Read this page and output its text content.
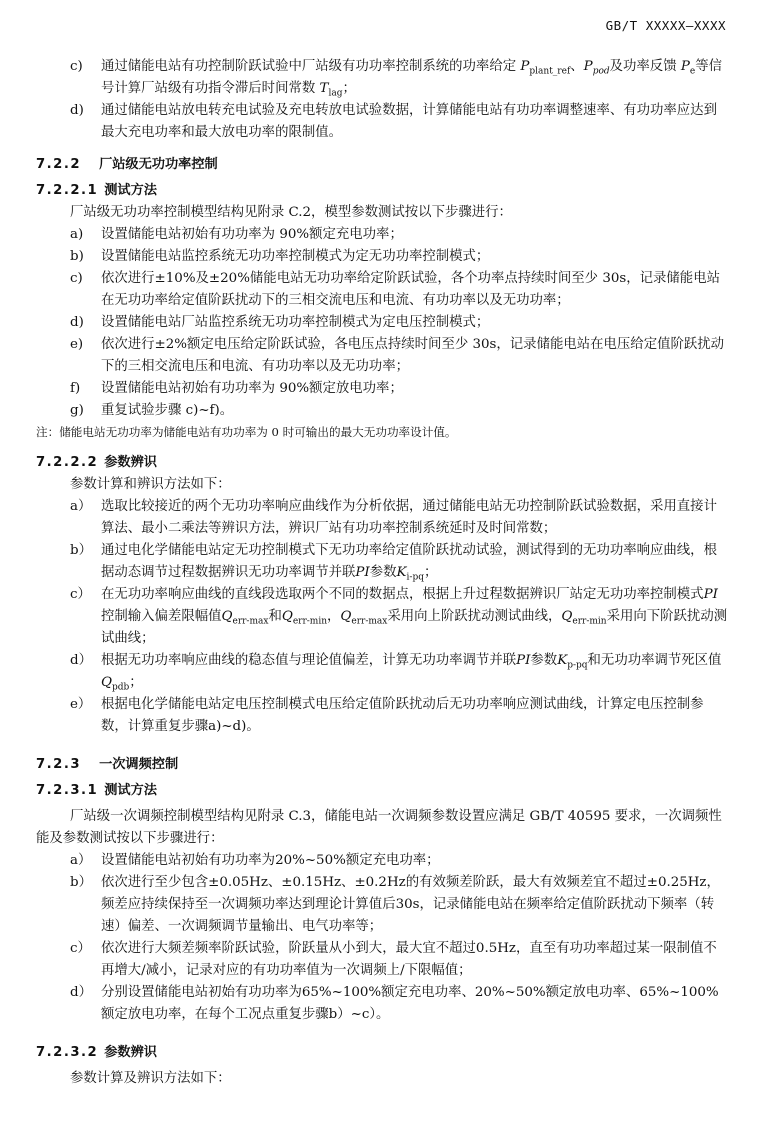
GB/T XXXXX—XXXX
c) 通过储能电站有功控制阶跃试验中厂站级有功功率控制系统的功率给定 $P_{plant\_ref}$、$P_{pod}$及功率反馈 $P_e$等信号计算厂站级有功指令滞后时间常数 $T_{lag}$；
d) 通过储能电站放电转充电试验及充电转放电试验数据，计算储能电站有功功率调整速率、有功功率应达到最大充电功率和最大放电功率的限制值。
7.2.2 厂站级无功功率控制
7.2.2.1 测试方法
厂站级无功功率控制模型结构见附录 C.2，模型参数测试按以下步骤进行：
a) 设置储能电站初始有功功率为 90%额定充电功率；
b) 设置储能电站监控系统无功功率控制模式为定无功功率控制模式；
c) 依次进行±10%及±20%储能电站无功功率给定阶跃试验，各个功率点持续时间至少 30s，记录储能电站在无功功率给定值阶跃扰动下的三相交流电压和电流、有功功率以及无功功率；
d) 设置储能电站厂站监控系统无功功率控制模式为定电压控制模式；
e) 依次进行±2%额定电压给定阶跃试验，各电压点持续时间至少 30s，记录储能电站在电压给定值阶跃扰动下的三相交流电压和电流、有功功率以及无功功率；
f) 设置储能电站初始有功功率为 90%额定放电功率；
g) 重复试验步骤 c)~f)。
注：储能电站无功功率为储能电站有功功率为 0 时可输出的最大无功功率设计值。
7.2.2.2 参数辨识
参数计算和辨识方法如下：
a） 选取比较接近的两个无功功率响应曲线作为分析依据，通过储能电站无功控制阶跃试验数据，采用直接计算法、最小二乘法等辨识方法，辨识厂站有功功率控制系统延时及时间常数；
b） 通过电化学储能电站定无功控制模式下无功功率给定值阶跃扰动试验，测试得到的无功功率响应曲线，根据动态调节过程数据辨识无功功率调节并联PI参数$K_{i-pq}$；
c） 在无功功率响应曲线的直线段选取两个不同的数据点，根据上升过程数据辨识厂站定无功功率控制模式PI控制输入偏差限幅值$Q_{err-max}$和$Q_{err-min}$，$Q_{err-max}$采用向上阶跃扰动测试曲线，$Q_{err-min}$采用向下阶跃扰动测试曲线；
d） 根据无功功率响应曲线的稳态值与理论值偏差，计算无功功率调节并联PI参数$K_{p-pq}$和无功功率调节死区值$Q_{pdb}$；
e） 根据电化学储能电站定电压控制模式电压给定值阶跃扰动后无功功率响应测试曲线，计算定电压控制参数，计算重复步骤a)~d)。
7.2.3 一次调频控制
7.2.3.1 测试方法
厂站级一次调频控制模型结构见附录 C.3，储能电站一次调频参数设置应满足 GB/T 40595 要求，一次调频性能及参数测试按以下步骤进行：
a） 设置储能电站初始有功功率为20%~50%额定充电功率；
b） 依次进行至少包含±0.05Hz、±0.15Hz、±0.2Hz的有效频差阶跃，最大有效频差宜不超过±0.25Hz，频差应持续保持至一次调频功率达到理论计算值后30s，记录储能电站在频率给定值阶跃扰动下频率（转速）偏差、一次调频调节量输出、电气功率等；
c） 依次进行大频差频率阶跃试验，阶跃量从小到大，最大宜不超过0.5Hz，直至有功功率超过某一限制值不再增大/减小，记录对应的有功功率值为一次调频上/下限幅值；
d） 分别设置储能电站初始有功功率为65%~100%额定充电功率、20%~50%额定放电功率、65%~100%额定放电功率，在每个工况点重复步骤b）~c）。
7.2.3.2 参数辨识
参数计算及辨识方法如下：
